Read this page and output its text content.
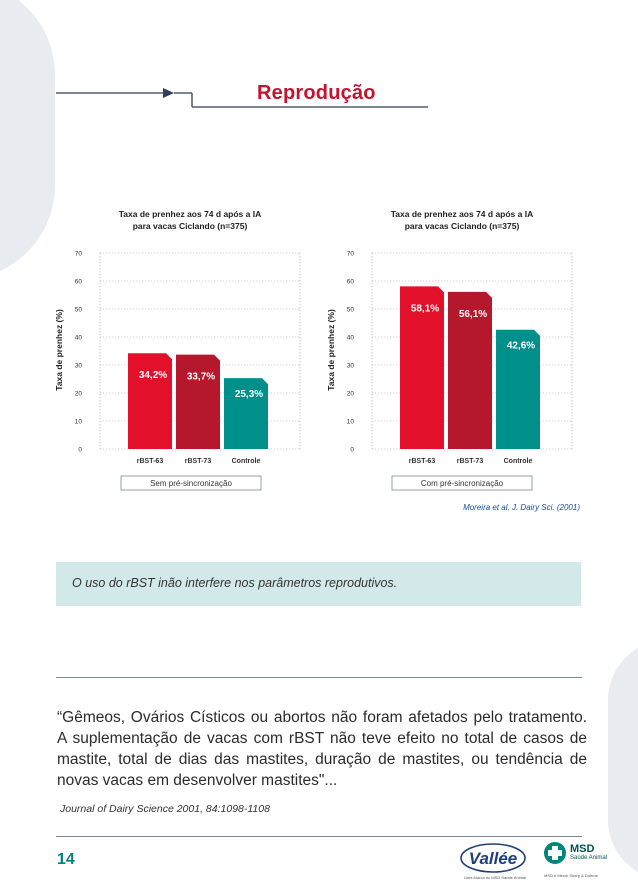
Reprodução
Taxa de prenhez aos 74 d após a IA
para vacas Ciclando (n=375)
Taxa de prenhez (%)
Sem pré-sincronização
0
10
20
30
40
50
60
70
34,2%
rBST-63
33,7%
rBST-73
25,3%
Controle
Taxa de prenhez aos 74 d após a IA
para vacas Ciclando (n=375)
Taxa de prenhez (%)
Com pré-sincronização
0
10
20
30
40
50
60
70
58,1%
rBST-63
56,1%
rBST-73
42,6%
Controle
Moreira et al. J. Dairy Sci. (2001)
O uso do rBST inão interfere nos parâmetros reprodutivos.
“Gêmeos, Ovários Císticos ou abortos não foram afetados pelo tratamento. A suplementação de vacas com rBST não teve efeito no total de casos de mastite, total de dias das mastites, duração de mastites, ou tendência de novas vacas em desenvolver mastites"...
Journal of Dairy Science 2001, 84:1098-1108
14	Vallée
Uma Marca do MSD Saúde Animal
MSD
Saúde Animal
MSD é Merck Sharp & Dohme.
